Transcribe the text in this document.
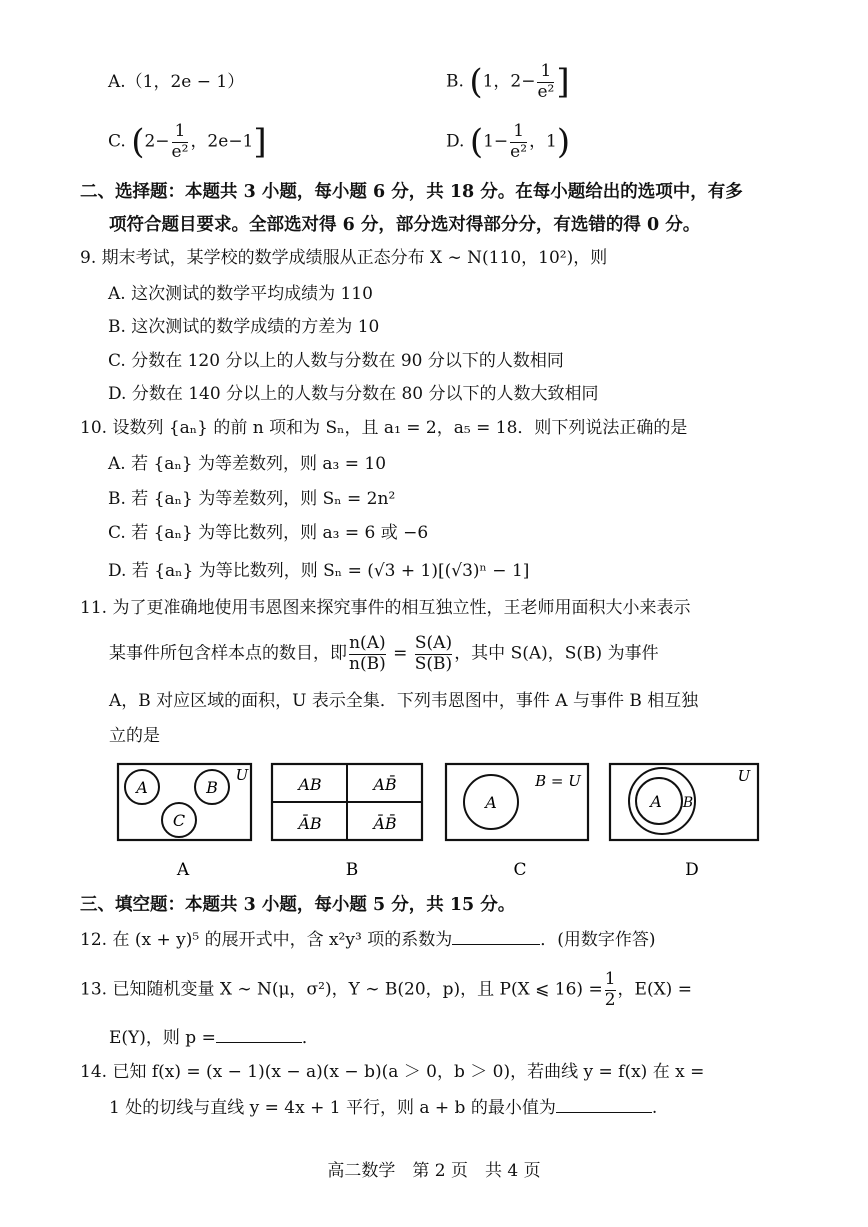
A.（1，2e − 1）	B. (1，$2- \frac{1}{\text{e²}}$ ]
C. ($2- \frac{1}{\text{e²}}$ ，2e−1]	D. ($1- \frac{1}{\text{e²}}$ ，1)
二、选择题：本题共 3 小题，每小题 6 分，共 18 分。在每小题给出的选项中，有多
项符合题目要求。全部选对得 6 分，部分选对得部分分，有选错的得 0 分。
9. 期末考试，某学校的数学成绩服从正态分布 X ∼ N(110，10²)，则
A. 这次测试的数学平均成绩为 110
B. 这次测试的数学成绩的方差为 10
C. 分数在 120 分以上的人数与分数在 90 分以下的人数相同
D. 分数在 140 分以上的人数与分数在 80 分以下的人数大致相同
10. 设数列 {aₙ} 的前 n 项和为 Sₙ，且 a₁ = 2，a₅ = 18．则下列说法正确的是
A. 若 {aₙ} 为等差数列，则 a₃ = 10
B. 若 {aₙ} 为等差数列，则 Sₙ = 2n²
C. 若 {aₙ} 为等比数列，则 a₃ = 6 或 −6
D. 若 {aₙ} 为等比数列，则 Sₙ = (√3 + 1)[(√3)ⁿ − 1]
11. 为了更准确地使用韦恩图来探究事件的相互独立性，王老师用面积大小来表示
某事件所包含样本点的数目，即 $\frac{n(A)}{n(B)} = \frac{S(A)}{S(B)}$ ，其中 S(A)，S(B) 为事件
A，B 对应区域的面积，U 表示全集．下列韦恩图中，事件 A 与事件 B 相互独
立的是
A	B
C
U
A
AB	AB̄
ĀB	ĀB̄
B
A
B = U
C
A B
U
D
三、填空题：本题共 3 小题，每小题 5 分，共 15 分。
12. 在 (x + y)⁵ 的展开式中，含 x²y³ 项的系数为	．(用数字作答)
13. 已知随机变量 X ∼ N(μ，σ²)，Y ∼ B(20，p)，且 P(X ⩽ $16) = \frac{1}{2}$ ，E(X) =
E(Y)，则 p =	．
14. 已知 f(x) = (x − 1)(x − a)(x − b)(a ＞ 0，b ＞ 0)，若曲线 y = f(x) 在 x =
1 处的切线与直线 y = 4x + 1 平行，则 a + b 的最小值为	.
高二数学　第 2 页　共 4 页
